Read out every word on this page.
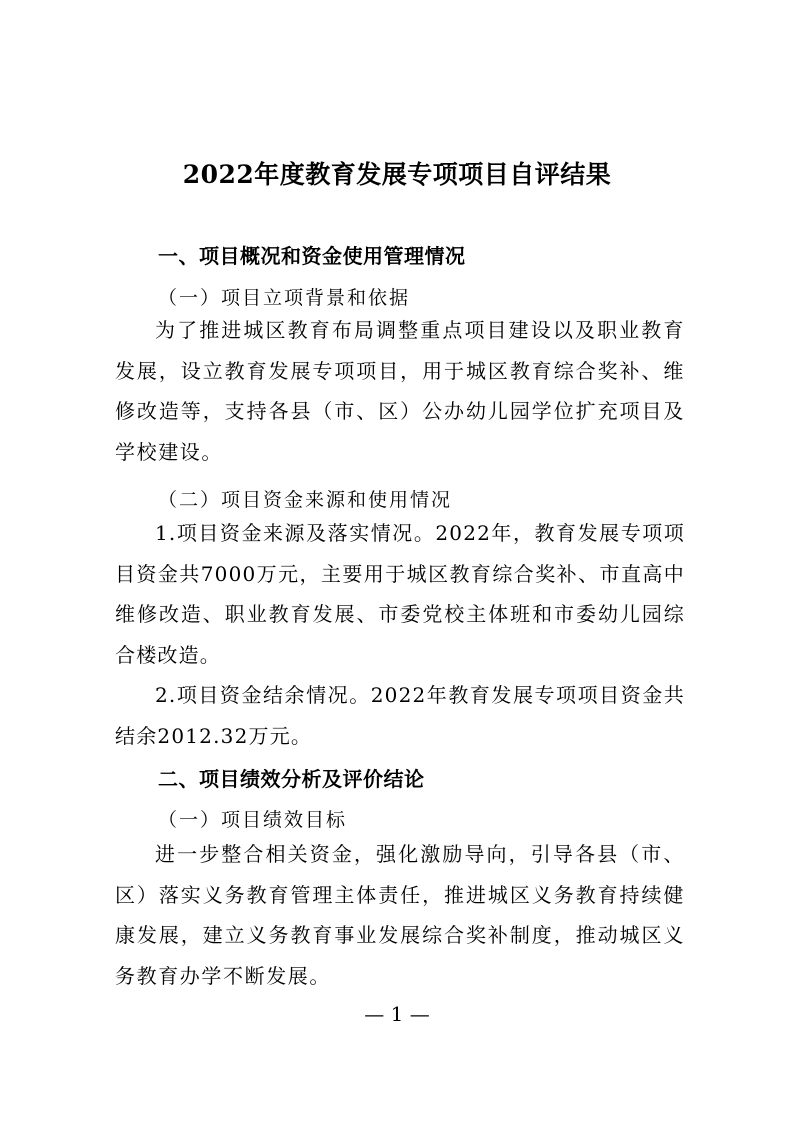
2022年度教育发展专项项目自评结果
一、项目概况和资金使用管理情况
（一）项目立项背景和依据
为了推进城区教育布局调整重点项目建设以及职业教育发展，设立教育发展专项项目，用于城区教育综合奖补、维修改造等，支持各县（市、区）公办幼儿园学位扩充项目及学校建设。
（二）项目资金来源和使用情况
1.项目资金来源及落实情况。2022年，教育发展专项项目资金共7000万元，主要用于城区教育综合奖补、市直高中维修改造、职业教育发展、市委党校主体班和市委幼儿园综合楼改造。
2.项目资金结余情况。2022年教育发展专项项目资金共结余2012.32万元。
二、项目绩效分析及评价结论
（一）项目绩效目标
进一步整合相关资金，强化激励导向，引导各县（市、区）落实义务教育管理主体责任，推进城区义务教育持续健康发展，建立义务教育事业发展综合奖补制度，推动城区义务教育办学不断发展。
— 1 —
